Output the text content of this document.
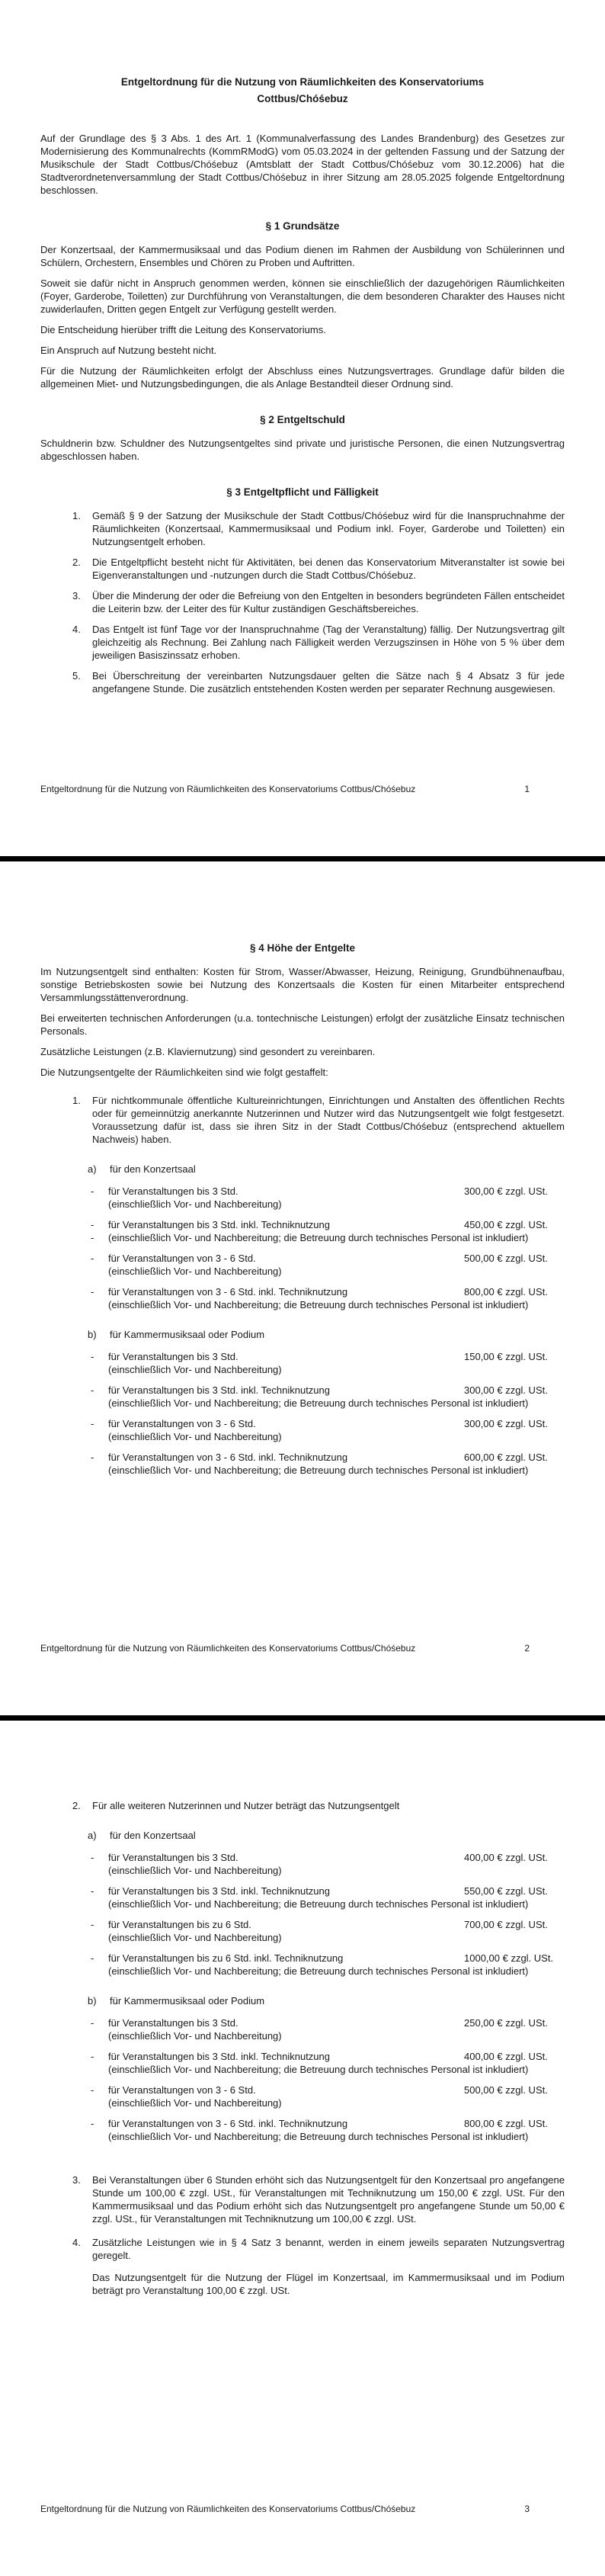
Entgeltordnung für die Nutzung von Räumlichkeiten des Konservatoriums
Cottbus/Chóśebuz

Auf der Grundlage des § 3 Abs. 1 des Art. 1 (Kommunalverfassung des Landes Brandenburg) des Gesetzes zur Modernisierung des Kommunalrechts (KommRModG) vom 05.03.2024 in der geltenden Fassung und der Satzung der Musikschule der Stadt Cottbus/Chóśebuz (Amtsblatt der Stadt Cottbus/Chóśebuz vom 30.12.2006) hat die Stadtverordnetenversammlung der Stadt Cottbus/Chóśebuz in ihrer Sitzung am 28.05.2025 folgende Entgeltordnung beschlossen.

§ 1 Grundsätze

Der Konzertsaal, der Kammermusiksaal und das Podium dienen im Rahmen der Ausbildung von Schülerinnen und Schülern, Orchestern, Ensembles und Chören zu Proben und Auftritten.

Soweit sie dafür nicht in Anspruch genommen werden, können sie einschließlich der dazugehörigen Räumlichkeiten (Foyer, Garderobe, Toiletten) zur Durchführung von Veranstaltungen, die dem besonderen Charakter des Hauses nicht zuwiderlaufen, Dritten gegen Entgelt zur Verfügung gestellt werden.

Die Entscheidung hierüber trifft die Leitung des Konservatoriums.

Ein Anspruch auf Nutzung besteht nicht.

Für die Nutzung der Räumlichkeiten erfolgt der Abschluss eines Nutzungsvertrages. Grundlage dafür bilden die allgemeinen Miet- und Nutzungsbedingungen, die als Anlage Bestandteil dieser Ordnung sind.

§ 2 Entgeltschuld

Schuldnerin bzw. Schuldner des Nutzungsentgeltes sind private und juristische Personen, die einen Nutzungsvertrag abgeschlossen haben.

§ 3 Entgeltpflicht und Fälligkeit
1. Gemäß § 9 der Satzung der Musikschule der Stadt Cottbus/Chóśebuz wird für die Inanspruchnahme der Räumlichkeiten (Konzertsaal, Kammermusiksaal und Podium inkl. Foyer, Garderobe und Toiletten) ein Nutzungsentgelt erhoben.

2. Die Entgeltpflicht besteht nicht für Aktivitäten, bei denen das Konservatorium Mitveranstalter ist sowie bei Eigenveranstaltungen und -nutzungen durch die Stadt Cottbus/Chóśebuz.

3. Über die Minderung der oder die Befreiung von den Entgelten in besonders begründeten Fällen entscheidet die Leiterin bzw. der Leiter des für Kultur zuständigen Geschäftsbereiches.

4. Das Entgelt ist fünf Tage vor der Inanspruchnahme (Tag der Veranstaltung) fällig. Der Nutzungsvertrag gilt gleichzeitig als Rechnung. Bei Zahlung nach Fälligkeit werden Verzugszinsen in Höhe von 5 % über dem jeweiligen Basiszinssatz erhoben.

5. Bei Überschreitung der vereinbarten Nutzungsdauer gelten die Sätze nach § 4 Absatz 3 für jede angefangene Stunde. Die zusätzlich entstehenden Kosten werden per separater Rechnung ausgewiesen.

Entgeltordnung für die Nutzung von Räumlichkeiten des Konservatoriums Cottbus/Chóśebuz	1
§ 4 Höhe der Entgelte

Im Nutzungsentgelt sind enthalten: Kosten für Strom, Wasser/Abwasser, Heizung, Reinigung, Grundbühnenaufbau, sonstige Betriebskosten sowie bei Nutzung des Konzertsaals die Kosten für einen Mitarbeiter entsprechend Versammlungsstättenverordnung.

Bei erweiterten technischen Anforderungen (u.a. tontechnische Leistungen) erfolgt der zusätzliche Einsatz technischen Personals.

Zusätzliche Leistungen (z.B. Klaviernutzung) sind gesondert zu vereinbaren.

Die Nutzungsentgelte der Räumlichkeiten sind wie folgt gestaffelt:

1. Für nichtkommunale öffentliche Kultureinrichtungen, Einrichtungen und Anstalten des öffentlichen Rechts oder für gemeinnützig anerkannte Nutzerinnen und Nutzer wird das Nutzungsentgelt wie folgt festgesetzt. Voraussetzung dafür ist, dass sie ihren Sitz in der Stadt Cottbus/Chóśebuz (entsprechend aktuellem Nachweis) haben.

a) für den Konzertsaal
- für Veranstaltungen bis 3 Std.	300,00 € zzgl. USt.
(einschließlich Vor- und Nachbereitung)
- für Veranstaltungen bis 3 Std. inkl. Techniknutzung	450,00 € zzgl. USt.
- (einschließlich Vor- und Nachbereitung; die Betreuung durch technisches Personal ist inkludiert)
- für Veranstaltungen von 3 - 6 Std.	500,00 € zzgl. USt.
(einschließlich Vor- und Nachbereitung)
- für Veranstaltungen von 3 - 6 Std. inkl. Techniknutzung	800,00 € zzgl. USt.
(einschließlich Vor- und Nachbereitung; die Betreuung durch technisches Personal ist inkludiert)
b) für Kammermusiksaal oder Podium
- für Veranstaltungen bis 3 Std.	150,00 € zzgl. USt.
(einschließlich Vor- und Nachbereitung)
- für Veranstaltungen bis 3 Std. inkl. Techniknutzung	300,00 € zzgl. USt.
(einschließlich Vor- und Nachbereitung; die Betreuung durch technisches Personal ist inkludiert)
- für Veranstaltungen von 3 - 6 Std.	300,00 € zzgl. USt.
(einschließlich Vor- und Nachbereitung)
- für Veranstaltungen von 3 - 6 Std. inkl. Techniknutzung	600,00 € zzgl. USt.
(einschließlich Vor- und Nachbereitung; die Betreuung durch technisches Personal ist inkludiert)
Entgeltordnung für die Nutzung von Räumlichkeiten des Konservatoriums Cottbus/Chóśebuz	2
2. Für alle weiteren Nutzerinnen und Nutzer beträgt das Nutzungsentgelt

a) für den Konzertsaal
- für Veranstaltungen bis 3 Std.	400,00 € zzgl. USt.
(einschließlich Vor- und Nachbereitung)
- für Veranstaltungen bis 3 Std. inkl. Techniknutzung	550,00 € zzgl. USt.
(einschließlich Vor- und Nachbereitung; die Betreuung durch technisches Personal ist inkludiert)
- für Veranstaltungen bis zu 6 Std.	700,00 € zzgl. USt.
(einschließlich Vor- und Nachbereitung)
- für Veranstaltungen bis zu 6 Std. inkl. Techniknutzung	1000,00 € zzgl. USt.
(einschließlich Vor- und Nachbereitung; die Betreuung durch technisches Personal ist inkludiert)
b) für Kammermusiksaal oder Podium
- für Veranstaltungen bis 3 Std.	250,00 € zzgl. USt.
(einschließlich Vor- und Nachbereitung)
- für Veranstaltungen bis 3 Std. inkl. Techniknutzung	400,00 € zzgl. USt.
(einschließlich Vor- und Nachbereitung; die Betreuung durch technisches Personal ist inkludiert)
- für Veranstaltungen von 3 - 6 Std.	500,00 € zzgl. USt.
(einschließlich Vor- und Nachbereitung)
- für Veranstaltungen von 3 - 6 Std. inkl. Techniknutzung	800,00 € zzgl. USt.
(einschließlich Vor- und Nachbereitung; die Betreuung durch technisches Personal ist inkludiert)
3. Bei Veranstaltungen über 6 Stunden erhöht sich das Nutzungsentgelt für den Konzertsaal pro angefangene Stunde um 100,00 € zzgl. USt., für Veranstaltungen mit Techniknutzung um 150,00 € zzgl. USt. Für den Kammermusiksaal und das Podium erhöht sich das Nutzungsentgelt pro angefangene Stunde um 50,00 € zzgl. USt., für Veranstaltungen mit Techniknutzung um 100,00 € zzgl. USt.

4. Zusätzliche Leistungen wie in § 4 Satz 3 benannt, werden in einem jeweils separaten Nutzungsvertrag geregelt.

Das Nutzungsentgelt für die Nutzung der Flügel im Konzertsaal, im Kammermusiksaal und im Podium beträgt pro Veranstaltung 100,00 € zzgl. USt.

Entgeltordnung für die Nutzung von Räumlichkeiten des Konservatoriums Cottbus/Chóśebuz	3
